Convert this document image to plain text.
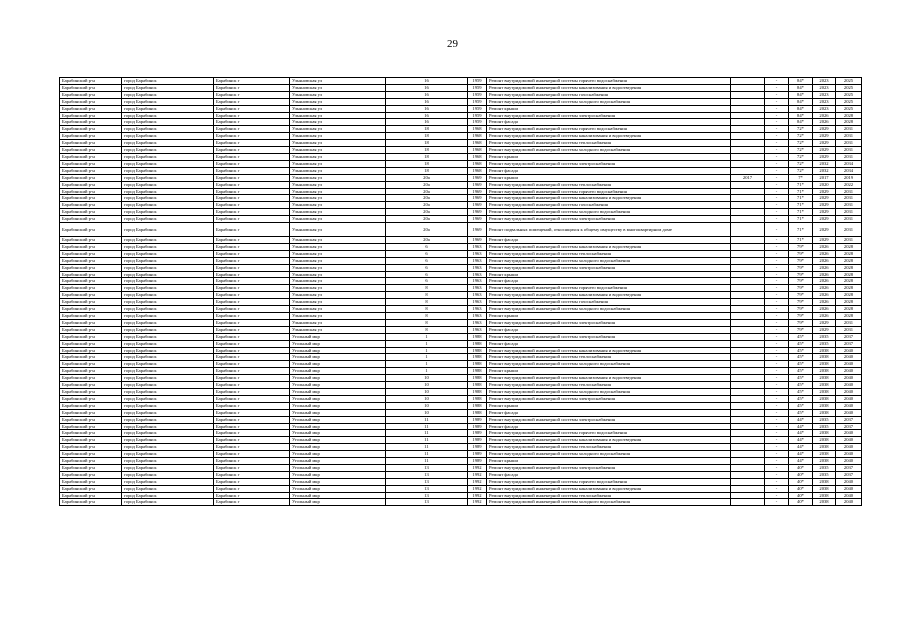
29
Барабинский р-н	город Барабинск	Барабинск г	Ульяновская ул	16	1959	Ремонт внутридомовой инженерной системы горячего водоснабжения		-	84*	2023	2025
Барабинский р-н	город Барабинск	Барабинск г	Ульяновская ул	16	1959	Ремонт внутридомовой инженерной системы канализования и водоотведения		-	84*	2023	2025
Барабинский р-н	город Барабинск	Барабинск г	Ульяновская ул	16	1959	Ремонт внутридомовой инженерной системы газоснабжения		-	84*	2023	2025
Барабинский р-н	город Барабинск	Барабинск г	Ульяновская ул	16	1959	Ремонт внутридомовой инженерной системы холодного водоснабжения		-	84*	2023	2025
Барабинский р-н	город Барабинск	Барабинск г	Ульяновская ул	16	1959	Ремонт крыши		-	84*	2023	2025
Барабинский р-н	город Барабинск	Барабинск г	Ульяновская ул	16	1959	Ремонт внутридомовой инженерной системы электроснабжения		-	84*	2026	2028
Барабинский р-н	город Барабинск	Барабинск г	Ульяновская ул	16	1959	Ремонт фасада		-	84*	2026	2028
Барабинский р-н	город Барабинск	Барабинск г	Ульяновская ул	18	1968	Ремонт внутридомовой инженерной системы горячего водоснабжения		-	72*	2029	2031
Барабинский р-н	город Барабинск	Барабинск г	Ульяновская ул	18	1968	Ремонт внутридомовой инженерной системы канализования и водоотведения		-	72*	2029	2031
Барабинский р-н	город Барабинск	Барабинск г	Ульяновская ул	18	1968	Ремонт внутридомовой инженерной системы теплоснабжения		-	72*	2029	2031
Барабинский р-н	город Барабинск	Барабинск г	Ульяновская ул	18	1968	Ремонт внутридомовой инженерной системы холодного водоснабжения		-	72*	2029	2031
Барабинский р-н	город Барабинск	Барабинск г	Ульяновская ул	18	1968	Ремонт крыши		-	72*	2029	2031
Барабинский р-н	город Барабинск	Барабинск г	Ульяновская ул	18	1968	Ремонт внутридомовой инженерной системы электроснабжения		-	72*	2032	2034
Барабинский р-н	город Барабинск	Барабинск г	Ульяновская ул	18	1968	Ремонт фасада		-	72*	2032	2034
Барабинский р-н	город Барабинск	Барабинск г	Ульяновская ул	20а	1969	Ремонт крыши	2017	-	7*	2017	2019
Барабинский р-н	город Барабинск	Барабинск г	Ульяновская ул	20а	1969	Ремонт внутридомовой инженерной системы теплоснабжения		-	71*	2020	2022
Барабинский р-н	город Барабинск	Барабинск г	Ульяновская ул	20а	1969	Ремонт внутридомовой инженерной системы горячего водоснабжения		-	71*	2029	2031
Барабинский р-н	город Барабинск	Барабинск г	Ульяновская ул	20а	1969	Ремонт внутридомовой инженерной системы канализования и водоотведения		-	71*	2029	2031
Барабинский р-н	город Барабинск	Барабинск г	Ульяновская ул	20а	1969	Ремонт внутридомовой инженерной системы газоснабжения		-	71*	2029	2031
Барабинский р-н	город Барабинск	Барабинск г	Ульяновская ул	20а	1969	Ремонт внутридомовой инженерной системы холодного водоснабжения		-	71*	2029	2031
Барабинский р-н	город Барабинск	Барабинск г	Ульяновская ул	20а	1969	Ремонт внутридомовой инженерной системы электроснабжения		-	71*	2029	2031
Барабинский р-н	город Барабинск	Барабинск г	Ульяновская ул	20а	1969	Ремонт подвальных помещений, относящихся к общему имуществу в многоквартирном доме		-	71*	2029	2031
Барабинский р-н	город Барабинск	Барабинск г	Ульяновская ул	20а	1969	Ремонт фасада		-	71*	2029	2031
Барабинский р-н	город Барабинск	Барабинск г	Ульяновская ул	6	1963	Ремонт внутридомовой инженерной системы канализования и водоотведения		-	79*	2026	2028
Барабинский р-н	город Барабинск	Барабинск г	Ульяновская ул	6	1963	Ремонт внутридомовой инженерной системы теплоснабжения		-	79*	2026	2028
Барабинский р-н	город Барабинск	Барабинск г	Ульяновская ул	6	1963	Ремонт внутридомовой инженерной системы холодного водоснабжения		-	79*	2026	2028
Барабинский р-н	город Барабинск	Барабинск г	Ульяновская ул	6	1963	Ремонт внутридомовой инженерной системы электроснабжения		-	79*	2026	2028
Барабинский р-н	город Барабинск	Барабинск г	Ульяновская ул	6	1963	Ремонт крыши		-	79*	2026	2028
Барабинский р-н	город Барабинск	Барабинск г	Ульяновская ул	6	1963	Ремонт фасада		-	79*	2026	2028
Барабинский р-н	город Барабинск	Барабинск г	Ульяновская ул	8	1963	Ремонт внутридомовой инженерной системы горячего водоснабжения		-	79*	2026	2028
Барабинский р-н	город Барабинск	Барабинск г	Ульяновская ул	8	1963	Ремонт внутридомовой инженерной системы канализования и водоотведения		-	79*	2026	2028
Барабинский р-н	город Барабинск	Барабинск г	Ульяновская ул	8	1963	Ремонт внутридомовой инженерной системы газоснабжения		-	79*	2026	2028
Барабинский р-н	город Барабинск	Барабинск г	Ульяновская ул	8	1963	Ремонт внутридомовой инженерной системы холодного водоснабжения		-	79*	2026	2028
Барабинский р-н	город Барабинск	Барабинск г	Ульяновская ул	8	1963	Ремонт крыши		-	79*	2026	2028
Барабинский р-н	город Барабинск	Барабинск г	Ульяновская ул	8	1963	Ремонт внутридомовой инженерной системы электроснабжения		-	79*	2029	2031
Барабинский р-н	город Барабинск	Барабинск г	Ульяновская ул	8	1963	Ремонт фасада		-	79*	2029	2031
Барабинский р-н	город Барабинск	Барабинск г	Угольный мкр	1	1988	Ремонт внутридомовой инженерной системы электроснабжения		-	45*	2035	2037
Барабинский р-н	город Барабинск	Барабинск г	Угольный мкр	1	1988	Ремонт фасада		-	45*	2035	2037
Барабинский р-н	город Барабинск	Барабинск г	Угольный мкр	1	1988	Ремонт внутридомовой инженерной системы канализования и водоотведения		-	45*	2038	2040
Барабинский р-н	город Барабинск	Барабинск г	Угольный мкр	1	1988	Ремонт внутридомовой инженерной системы теплоснабжения		-	45*	2038	2040
Барабинский р-н	город Барабинск	Барабинск г	Угольный мкр	1	1988	Ремонт внутридомовой инженерной системы холодного водоснабжения		-	45*	2038	2040
Барабинский р-н	город Барабинск	Барабинск г	Угольный мкр	1	1988	Ремонт крыши		-	45*	2038	2040
Барабинский р-н	город Барабинск	Барабинск г	Угольный мкр	10	1988	Ремонт внутридомовой инженерной системы канализования и водоотведения		-	45*	2038	2040
Барабинский р-н	город Барабинск	Барабинск г	Угольный мкр	10	1988	Ремонт внутридомовой инженерной системы теплоснабжения		-	45*	2038	2040
Барабинский р-н	город Барабинск	Барабинск г	Угольный мкр	10	1988	Ремонт внутридомовой инженерной системы холодного водоснабжения		-	45*	2038	2040
Барабинский р-н	город Барабинск	Барабинск г	Угольный мкр	10	1988	Ремонт внутридомовой инженерной системы электроснабжения		-	45*	2038	2040
Барабинский р-н	город Барабинск	Барабинск г	Угольный мкр	10	1988	Ремонт крыши		-	45*	2038	2040
Барабинский р-н	город Барабинск	Барабинск г	Угольный мкр	10	1988	Ремонт фасада		-	45*	2038	2040
Барабинский р-н	город Барабинск	Барабинск г	Угольный мкр	11	1989	Ремонт внутридомовой инженерной системы электроснабжения		-	44*	2035	2037
Барабинский р-н	город Барабинск	Барабинск г	Угольный мкр	11	1989	Ремонт фасада		-	44*	2035	2037
Барабинский р-н	город Барабинск	Барабинск г	Угольный мкр	11	1989	Ремонт внутридомовой инженерной системы горячего водоснабжения		-	44*	2038	2040
Барабинский р-н	город Барабинск	Барабинск г	Угольный мкр	11	1989	Ремонт внутридомовой инженерной системы канализования и водоотведения		-	44*	2038	2040
Барабинский р-н	город Барабинск	Барабинск г	Угольный мкр	11	1989	Ремонт внутридомовой инженерной системы теплоснабжения		-	44*	2038	2040
Барабинский р-н	город Барабинск	Барабинск г	Угольный мкр	11	1989	Ремонт внутридомовой инженерной системы холодного водоснабжения		-	44*	2038	2040
Барабинский р-н	город Барабинск	Барабинск г	Угольный мкр	11	1989	Ремонт крыши		-	44*	2038	2040
Барабинский р-н	город Барабинск	Барабинск г	Угольный мкр	13	1992	Ремонт внутридомовой инженерной системы электроснабжения		-	40*	2035	2037
Барабинский р-н	город Барабинск	Барабинск г	Угольный мкр	13	1992	Ремонт фасада		-	40*	2035	2037
Барабинский р-н	город Барабинск	Барабинск г	Угольный мкр	13	1992	Ремонт внутридомовой инженерной системы горячего водоснабжения		-	40*	2038	2040
Барабинский р-н	город Барабинск	Барабинск г	Угольный мкр	13	1992	Ремонт внутридомовой инженерной системы канализования и водоотведения		-	40*	2038	2040
Барабинский р-н	город Барабинск	Барабинск г	Угольный мкр	13	1992	Ремонт внутридомовой инженерной системы теплоснабжения		-	40*	2038	2040
Барабинский р-н	город Барабинск	Барабинск г	Угольный мкр	13	1992	Ремонт внутридомовой инженерной системы холодного водоснабжения		-	40*	2038	2040
